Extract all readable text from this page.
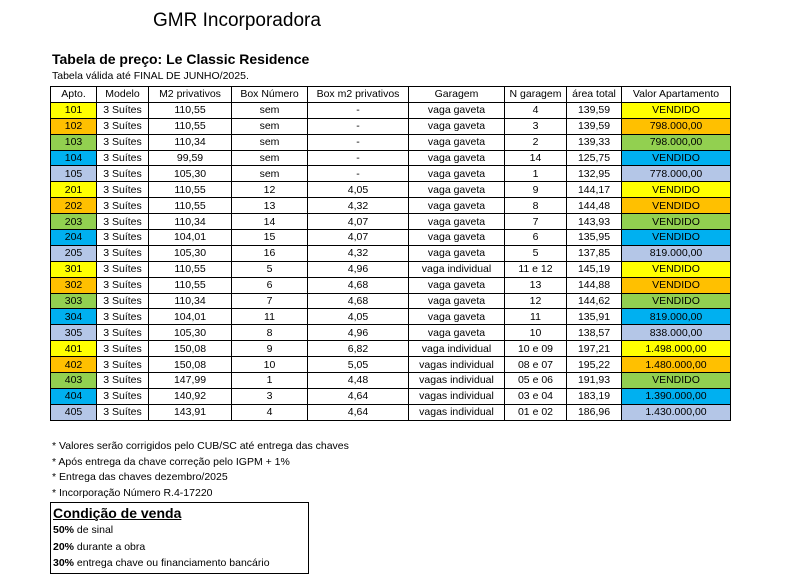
GMR Incorporadora
Tabela de preço: Le Classic Residence
Tabela válida até FINAL DE JUNHO/2025.
Apto.	Modelo	M2 privativos	Box Número	Box m2 privativos	Garagem	N garagem	área total	Valor Apartamento
101	3 Suítes	110,55	sem	-	vaga gaveta	4	139,59	VENDIDO
102	3 Suítes	110,55	sem	-	vaga gaveta	3	139,59	798.000,00
103	3 Suítes	110,34	sem	-	vaga gaveta	2	139,33	798.000,00
104	3 Suítes	99,59	sem	-	vaga gaveta	14	125,75	VENDIDO
105	3 Suítes	105,30	sem	-	vaga gaveta	1	132,95	778.000,00
201	3 Suítes	110,55	12	4,05	vaga gaveta	9	144,17	VENDIDO
202	3 Suítes	110,55	13	4,32	vaga gaveta	8	144,48	VENDIDO
203	3 Suítes	110,34	14	4,07	vaga gaveta	7	143,93	VENDIDO
204	3 Suítes	104,01	15	4,07	vaga gaveta	6	135,95	VENDIDO
205	3 Suítes	105,30	16	4,32	vaga gaveta	5	137,85	819.000,00
301	3 Suítes	110,55	5	4,96	vaga individual	11 e 12	145,19	VENDIDO
302	3 Suítes	110,55	6	4,68	vaga gaveta	13	144,88	VENDIDO
303	3 Suítes	110,34	7	4,68	vaga gaveta	12	144,62	VENDIDO
304	3 Suítes	104,01	11	4,05	vaga gaveta	11	135,91	819.000,00
305	3 Suítes	105,30	8	4,96	vaga gaveta	10	138,57	838.000,00
401	3 Suítes	150,08	9	6,82	vaga individual	10 e 09	197,21	1.498.000,00
402	3 Suítes	150,08	10	5,05	vagas individual	08 e 07	195,22	1.480.000,00
403	3 Suítes	147,99	1	4,48	vagas individual	05 e 06	191,93	VENDIDO
404	3 Suítes	140,92	3	4,64	vagas individual	03 e 04	183,19	1.390.000,00
405	3 Suítes	143,91	4	4,64	vagas individual	01 e 02	186,96	1.430.000,00
* Valores serão corrigidos pelo CUB/SC até entrega das chaves
* Após entrega da chave correção pelo IGPM + 1%
* Entrega das chaves dezembro/2025
* Incorporação Número R.4-17220
Condição de venda
50% de sinal
20% durante a obra
30% entrega chave ou financiamento bancário
